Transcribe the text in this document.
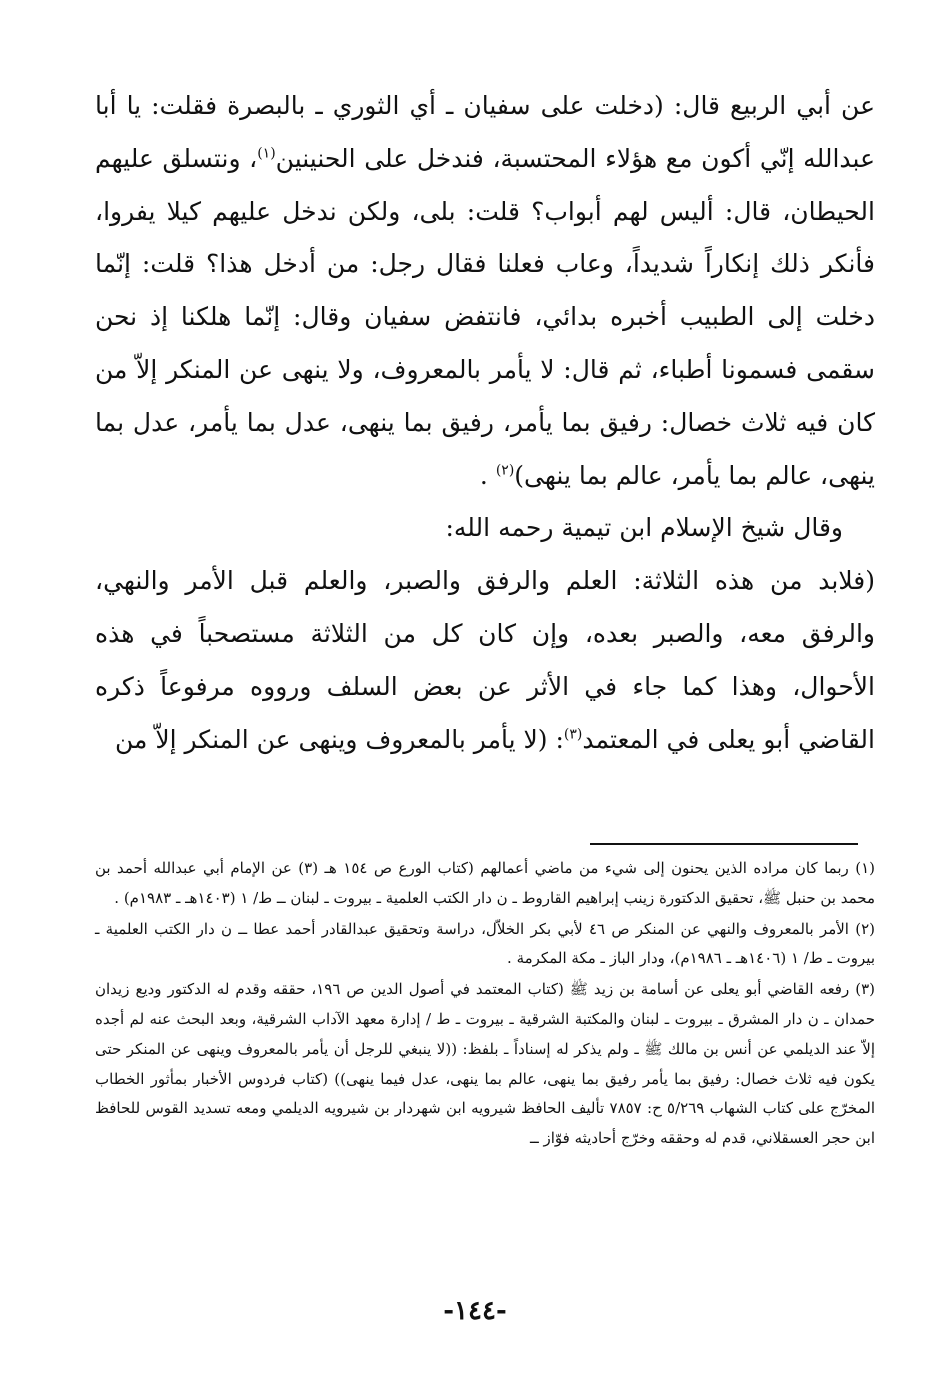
عن أبي الربيع قال: (دخلت على سفيان ـ أي الثوري ـ بالبصرة فقلت: يا أبا عبدالله إنّي أكون مع هؤلاء المحتسبة، فندخل على الحنينين$^{(١)}$، ونتسلق عليهم الحيطان، قال: أليس لهم أبواب؟ قلت: بلى، ولكن ندخل عليهم كيلا يفروا، فأنكر ذلك إنكاراً شديداً، وعاب فعلنا فقال رجل: من أدخل هذا؟ قلت: إنّما دخلت إلى الطبيب أخبره بدائي، فانتفض سفيان وقال: إنّما هلكنا إذ نحن سقمى فسمونا أطباء، ثم قال: لا يأمر بالمعروف، ولا ينهى عن المنكر إلاّ من كان فيه ثلاث خصال: رفيق بما يأمر، رفيق بما ينهى، عدل بما يأمر، عدل بما ينهى، عالم بما يأمر، عالم بما ينهى)$^{(٢)}$ .

وقال شيخ الإسلام ابن تيمية رحمه الله:

(فلابد من هذه الثلاثة: العلم والرفق والصبر، والعلم قبل الأمر والنهي، والرفق معه، والصبر بعده، وإن كان كل من الثلاثة مستصحباً في هذه الأحوال، وهذا كما جاء في الأثر عن بعض السلف ورووه مرفوعاً ذكره القاضي أبو يعلى في المعتمد$^{(٣)}$: (لا يأمر بالمعروف وينهى عن المنكر إلاّ من

(١) ربما كان مراده الذين يحنون إلى شيء من ماضي أعمالهم (كتاب الورع ص ١٥٤ هـ (٣) عن الإمام أبي عبدالله أحمد بن محمد بن حنبل ﷺ، تحقيق الدكتورة زينب إبراهيم القاروط ـ ن دار الكتب العلمية ـ بيروت ـ لبنان ــ ط/ ١ (١٤٠٣هـ ـ ١٩٨٣م) .

(٢) الأمر بالمعروف والنهي عن المنكر ص ٤٦ لأبي بكر الخلاّل، دراسة وتحقيق عبدالقادر أحمد عطا ــ ن دار الكتب العلمية ـ بيروت ـ ط/ ١ (١٤٠٦هـ ـ ١٩٨٦م)، ودار الباز ـ مكة المكرمة .

(٣) رفعه القاضي أبو يعلى عن أسامة بن زيد ﷺ (كتاب المعتمد في أصول الدين ص ١٩٦، حققه وقدم له الدكتور وديع زيدان حمدان ـ ن دار المشرق ـ بيروت ـ لبنان والمكتبة الشرقية ـ بيروت ـ ط / إدارة معهد الآداب الشرقية، وبعد البحث عنه لم أجده إلاّ عند الديلمي عن أنس بن مالك ﷺ ـ ولم يذكر له إسناداً ـ بلفظ: ((لا ينبغي للرجل أن يأمر بالمعروف وينهى عن المنكر حتى يكون فيه ثلاث خصال: رفيق بما يأمر رفيق بما ينهى، عالم بما ينهى، عدل فيما ينهى)) (كتاب فردوس الأخبار بمأثور الخطاب المخرّج على كتاب الشهاب ٥/٢٦٩ ح: ٧٨٥٧ تأليف الحافظ شيرويه ابن شهردار بن شيرويه الديلمي ومعه تسديد القوس للحافظ ابن حجر العسقلاني، قدم له وحققه وخرّج أحاديثه فوّاز ــ

-١٤٤-
